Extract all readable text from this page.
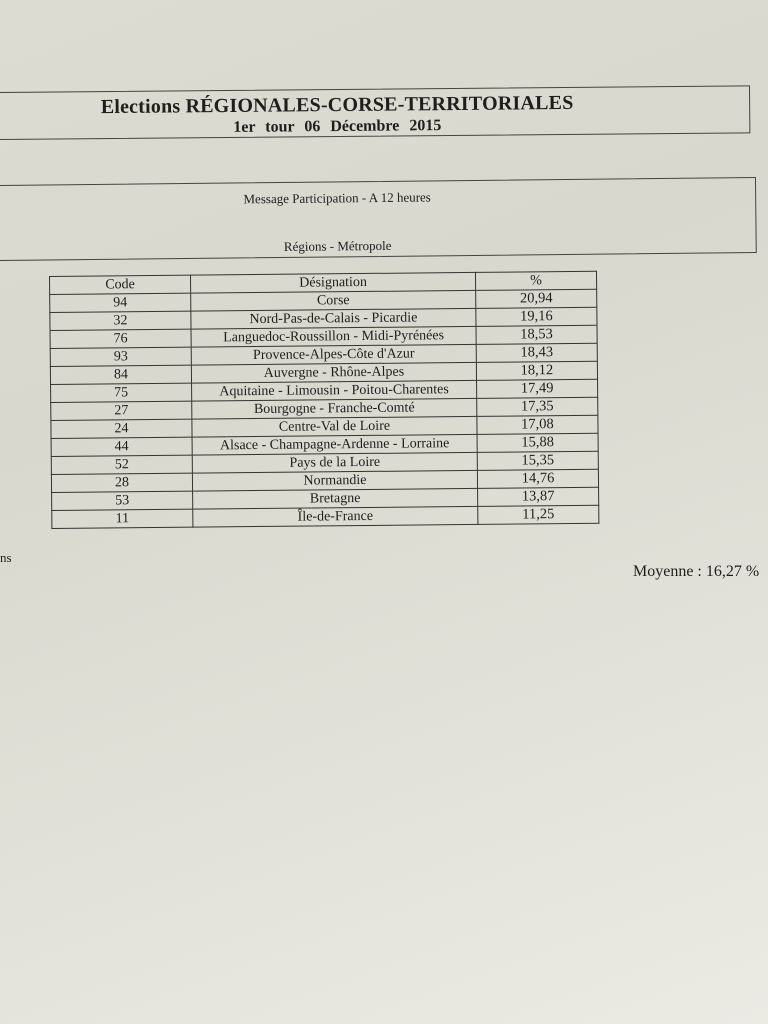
Elections RÉGIONALES-CORSE-TERRITORIALES
1er tour 06 Décembre 2015
Message Participation - A 12 heures
Régions - Métropole
Code	Désignation	%
94	Corse	20,94
32	Nord-Pas-de-Calais - Picardie	19,16
76	Languedoc-Roussillon - Midi-Pyrénées	18,53
93	Provence-Alpes-Côte d'Azur	18,43
84	Auvergne - Rhône-Alpes	18,12
75	Aquitaine - Limousin - Poitou-Charentes	17,49
27	Bourgogne - Franche-Comté	17,35
24	Centre-Val de Loire	17,08
44	Alsace - Champagne-Ardenne - Lorraine	15,88
52	Pays de la Loire	15,35
28	Normandie	14,76
53	Bretagne	13,87
11	Île-de-France	11,25
ns
Moyenne : 16,27 %
